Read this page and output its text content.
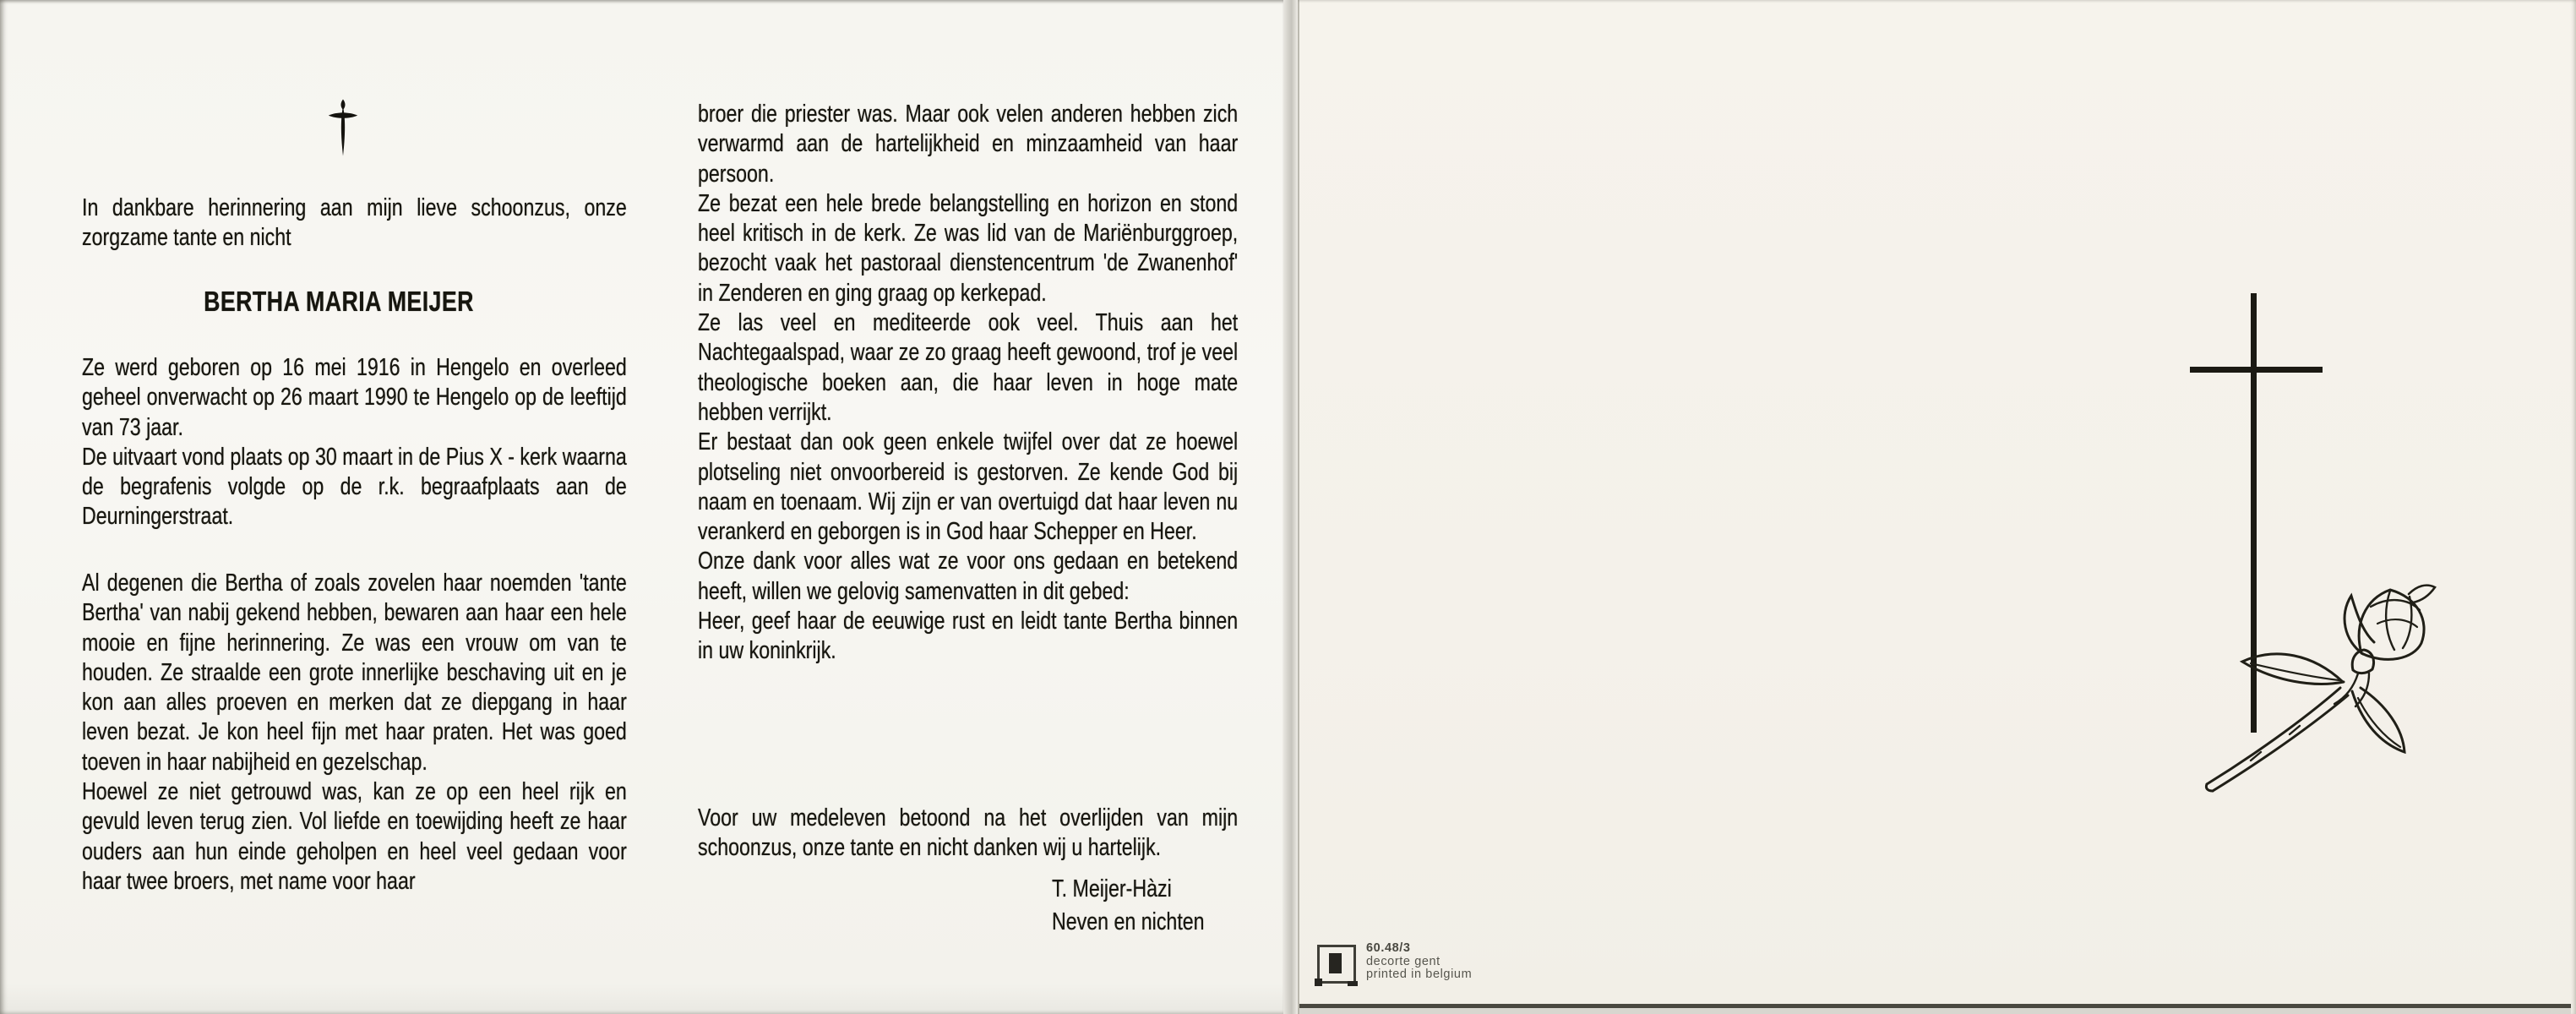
In dankbare herinnering aan mijn lieve schoonzus, onze zorgzame tante en nicht
BERTHA MARIA MEIJER

Ze werd geboren op 16 mei 1916 in Hengelo en overleed geheel onverwacht op 26 maart 1990 te Hengelo op de leeftijd van 73 jaar.

De uitvaart vond plaats op 30 maart in de Pius X - kerk waarna de begrafenis volgde op de r.k. begraafplaats aan de Deurningerstraat.

Al degenen die Bertha of zoals zovelen haar noemden 'tante Bertha' van nabij gekend hebben, bewaren aan haar een hele mooie en fijne herinnering. Ze was een vrouw om van te houden. Ze straalde een grote innerlijke beschaving uit en je kon aan alles proeven en merken dat ze diepgang in haar leven bezat. Je kon heel fijn met haar praten. Het was goed toeven in haar nabijheid en gezelschap.

Hoewel ze niet getrouwd was, kan ze op een heel rijk en gevuld leven terug zien. Vol liefde en toewijding heeft ze haar ouders aan hun einde geholpen en heel veel gedaan voor haar twee broers, met name voor haar

broer die priester was. Maar ook velen anderen hebben zich verwarmd aan de hartelijkheid en minzaamheid van haar persoon.

Ze bezat een hele brede belangstelling en horizon en stond heel kritisch in de kerk. Ze was lid van de Mariënburggroep, bezocht vaak het pastoraal dienstencentrum 'de Zwanenhof' in Zenderen en ging graag op kerkepad.

Ze las veel en mediteerde ook veel. Thuis aan het Nachtegaalspad, waar ze zo graag heeft gewoond, trof je veel theologische boeken aan, die haar leven in hoge mate hebben verrijkt.

Er bestaat dan ook geen enkele twijfel over dat ze hoewel plotseling niet onvoorbereid is gestorven. Ze kende God bij naam en toenaam. Wij zijn er van overtuigd dat haar leven nu verankerd en geborgen is in God haar Schepper en Heer.

Onze dank voor alles wat ze voor ons gedaan en betekend heeft, willen we gelovig samenvatten in dit gebed:

Heer, geef haar de eeuwige rust en leidt tante Bertha binnen in uw koninkrijk.

Voor uw medeleven betoond na het overlijden van mijn schoonzus, onze tante en nicht danken wij u hartelijk.

T. Meijer-Hàzi

Neven en nichten

60.48/3
decorte gent
printed in belgium
